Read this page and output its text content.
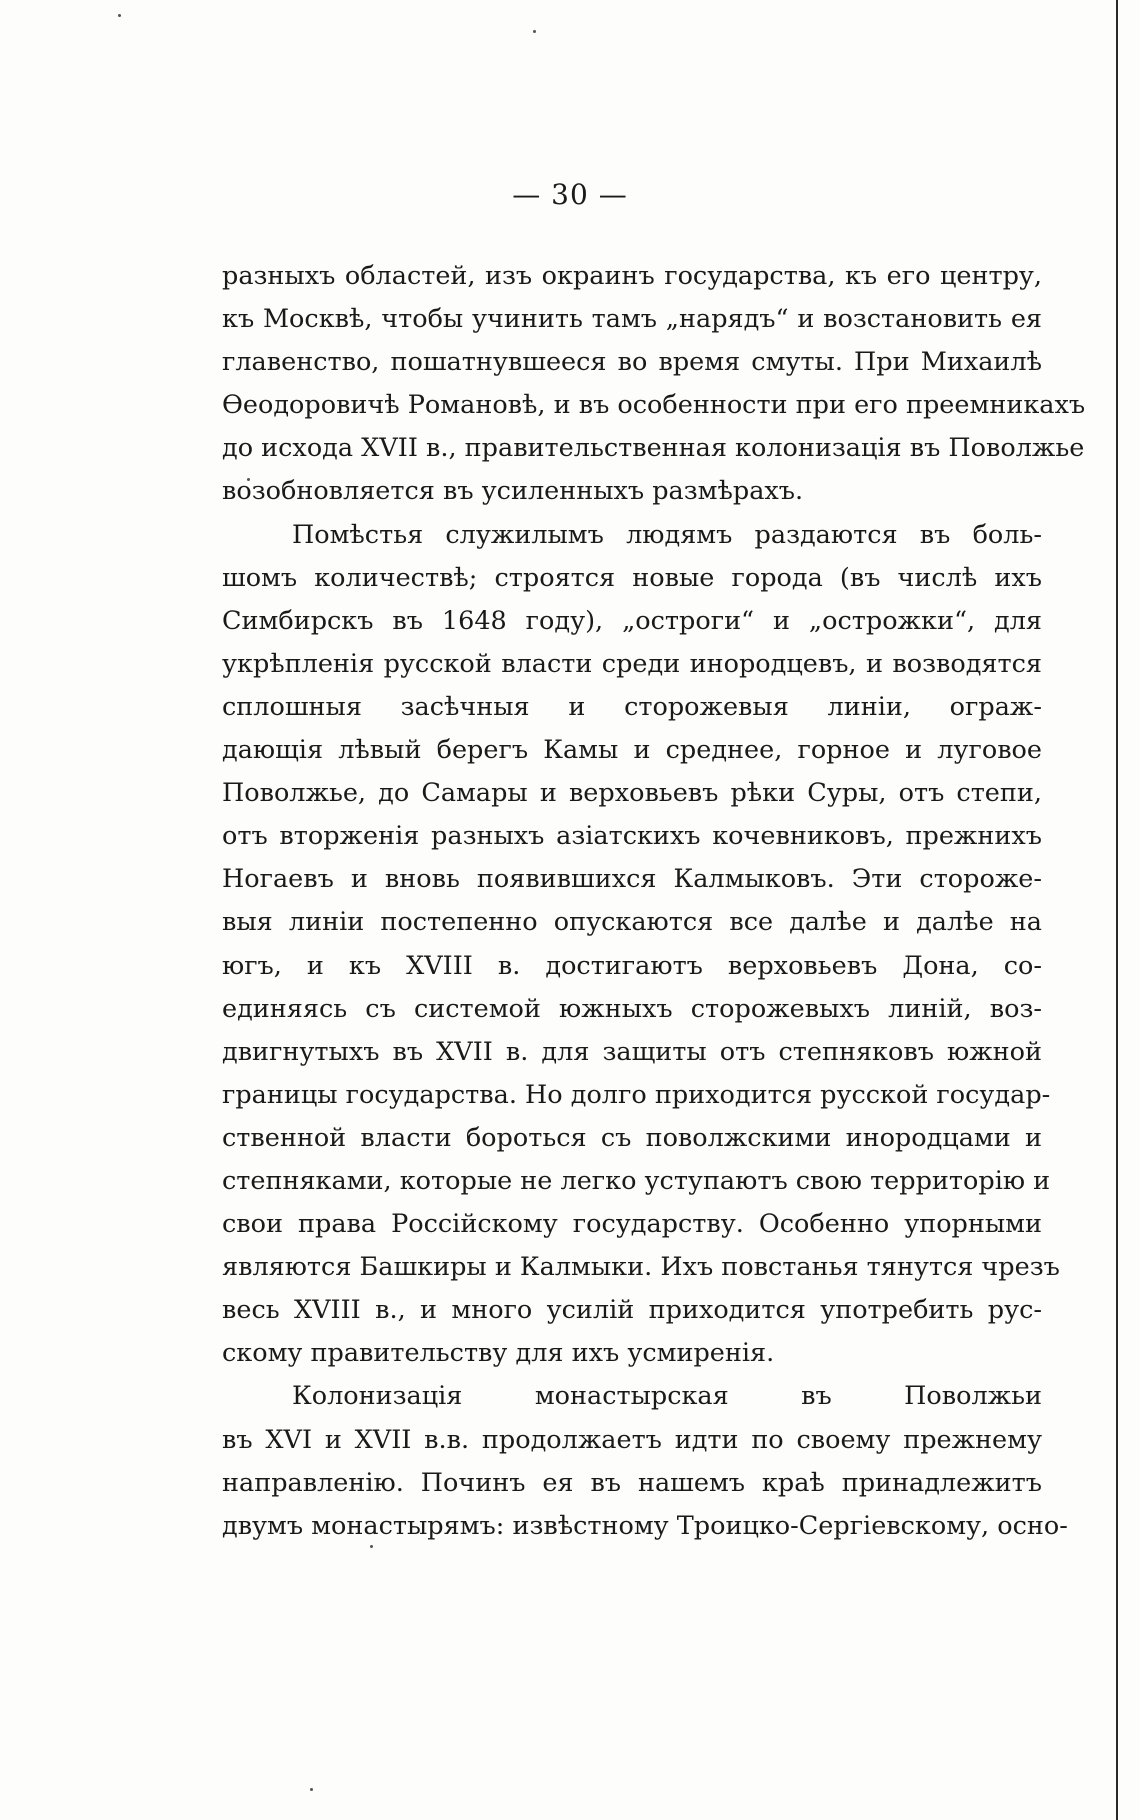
— 30 —
разныхъ областей, изъ окраинъ государства, къ его центру,
къ Москвѣ, чтобы учинить тамъ „нарядъ“ и возстановить ея
главенство, пошатнувшееся во время смуты. При Михаилѣ
Ѳеодоровичѣ Романовѣ, и въ особенности при его преемникахъ
до исхода XVII в., правительственная колонизація въ Поволжье
возобновляется въ усиленныхъ размѣрахъ.
Помѣстья служилымъ людямъ раздаются въ боль-
шомъ количествѣ; строятся новые города (въ числѣ ихъ
Симбирскъ въ 1648 году), „остроги“ и „острожки“, для
укрѣпленія русской власти среди инородцевъ, и возводятся
сплошныя засѣчныя и сторожевыя линіи, ограж-
дающія лѣвый берегъ Камы и среднее, горное и луговое
Поволжье, до Самары и верховьевъ рѣки Суры, отъ степи,
отъ вторженія разныхъ азіатскихъ кочевниковъ, прежнихъ
Ногаевъ и вновь появившихся Калмыковъ. Эти стороже-
выя линіи постепенно опускаются все далѣе и далѣе на
югъ, и къ XVIII в. достигаютъ верховьевъ Дона, со-
единяясь съ системой южныхъ сторожевыхъ линій, воз-
двигнутыхъ въ XVII в. для защиты отъ степняковъ южной
границы государства. Но долго приходится русской государ-
ственной власти бороться съ поволжскими инородцами и
степняками, которые не легко уступаютъ свою территорію и
свои права Россійскому государству. Особенно упорными
являются Башкиры и Калмыки. Ихъ повстанья тянутся чрезъ
весь XVIII в., и много усилій приходится употребить рус-
скому правительству для ихъ усмиренія.
Колонизація монастырская въ Поволжьи
въ XVI и XVII в.в. продолжаетъ идти по своему прежнему
направленію. Починъ ея въ нашемъ краѣ принадлежитъ
двумъ монастырямъ: извѣстному Троицко-Сергіевскому, осно-
